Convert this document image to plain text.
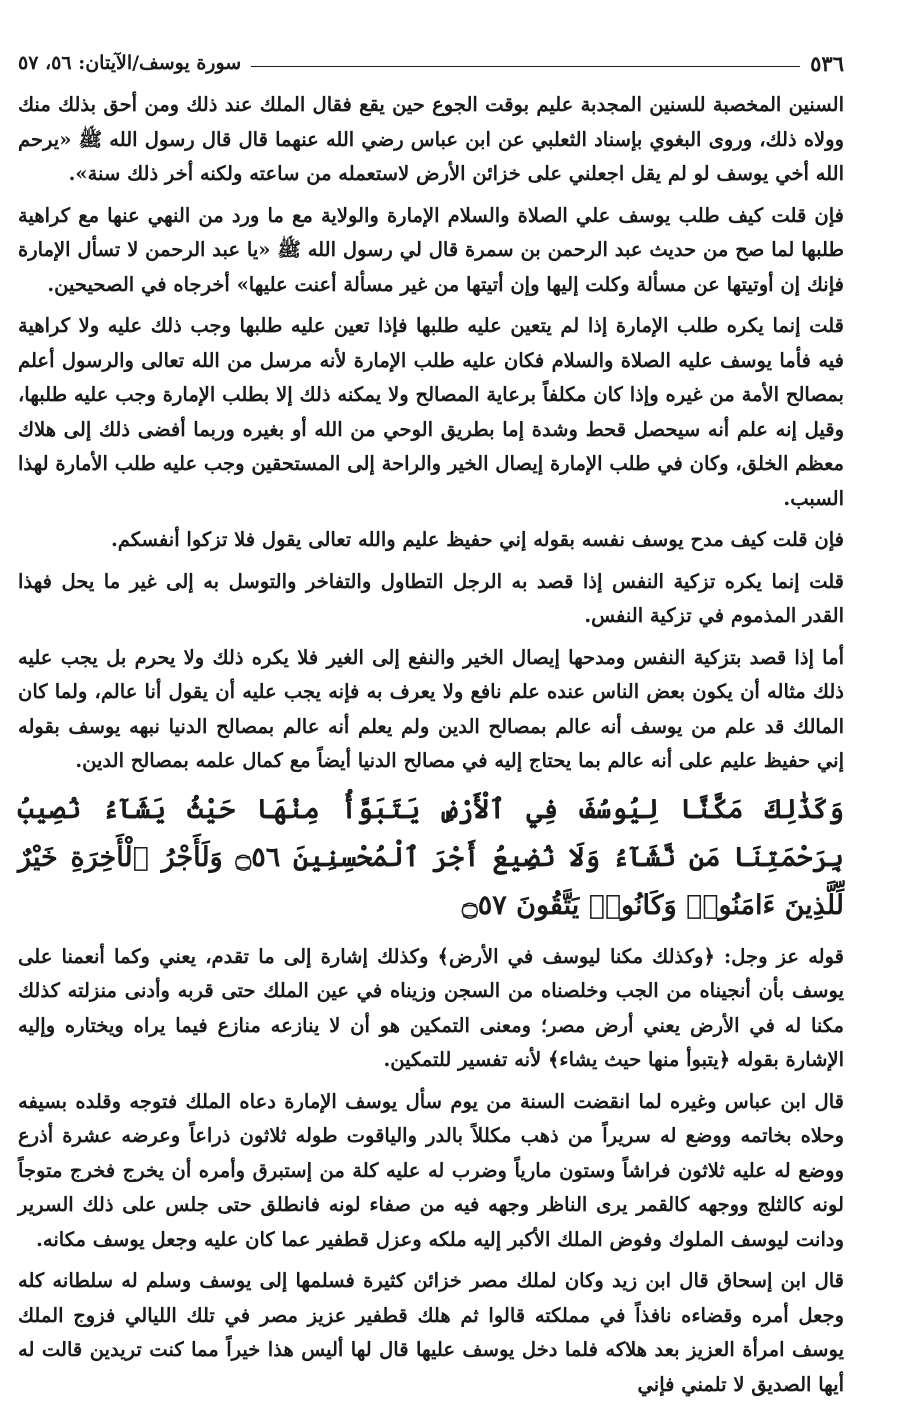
٥٣٦
سورة يوسف/الآيتان: ٥٦، ٥٧

السنين المخصبة للسنين المجدبة عليم بوقت الجوع حين يقع فقال الملك عند ذلك ومن أحق بذلك منك وولاه ذلك، وروى البغوي بإسناد الثعلبي عن ابن عباس رضي الله عنهما قال قال رسول الله ﷺ «يرحم الله أخي يوسف لو لم يقل اجعلني على خزائن الأرض لاستعمله من ساعته ولكنه أخر ذلك سنة».

فإن قلت كيف طلب يوسف علي الصلاة والسلام الإمارة والولاية مع ما ورد من النهي عنها مع كراهية طلبها لما صح من حديث عبد الرحمن بن سمرة قال لي رسول الله ﷺ «يا عبد الرحمن لا تسأل الإمارة فإنك إن أوتيتها عن مسألة وكلت إليها وإن أتيتها من غير مسألة أعنت عليها» أخرجاه في الصحيحين.

قلت إنما يكره طلب الإمارة إذا لم يتعين عليه طلبها فإذا تعين عليه طلبها وجب ذلك عليه ولا كراهية فيه فأما يوسف عليه الصلاة والسلام فكان عليه طلب الإمارة لأنه مرسل من الله تعالى والرسول أعلم بمصالح الأمة من غيره وإذا كان مكلفاً برعاية المصالح ولا يمكنه ذلك إلا بطلب الإمارة وجب عليه طلبها، وقيل إنه علم أنه سيحصل قحط وشدة إما بطريق الوحي من الله أو بغيره وربما أفضى ذلك إلى هلاك معظم الخلق، وكان في طلب الإمارة إيصال الخير والراحة إلى المستحقين وجب عليه طلب الأمارة لهذا السبب.

فإن قلت كيف مدح يوسف نفسه بقوله إني حفيظ عليم والله تعالى يقول فلا تزكوا أنفسكم.

قلت إنما يكره تزكية النفس إذا قصد به الرجل التطاول والتفاخر والتوسل به إلى غير ما يحل فهذا القدر المذموم في تزكية النفس.

أما إذا قصد بتزكية النفس ومدحها إيصال الخير والنفع إلى الغير فلا يكره ذلك ولا يحرم بل يجب عليه ذلك مثاله أن يكون بعض الناس عنده علم نافع ولا يعرف به فإنه يجب عليه أن يقول أنا عالم، ولما كان المالك قد علم من يوسف أنه عالم بمصالح الدين ولم يعلم أنه عالم بمصالح الدنيا نبهه يوسف بقوله إني حفيظ عليم على أنه عالم بما يحتاج إليه في مصالح الدنيا أيضاً مع كمال علمه بمصالح الدين.

وَكَذَٰلِكَ مَكَّنَّا لِيُوسُفَ فِي ٱلْأَرْضِ يَتَبَوَّأُ مِنْهَا حَيْثُ يَشَآءُ نُصِيبُ بِرَحْمَتِنَا مَن نَّشَآءُ وَلَا نُضِيعُ أَجْرَ ٱلْمُحْسِنِينَ ۝٥٦ وَلَأَجْرُ ٱلْأَخِرَةِ خَيْرٌ لِّلَّذِينَ ءَامَنُوا۟ وَكَانُوا۟ يَتَّقُونَ ۝٥٧

قوله عز وجل: ﴿وكذلك مكنا ليوسف في الأرض﴾ وكذلك إشارة إلى ما تقدم، يعني وكما أنعمنا على يوسف بأن أنجيناه من الجب وخلصناه من السجن وزيناه في عين الملك حتى قربه وأدنى منزلته كذلك مكنا له في الأرض يعني أرض مصر؛ ومعنى التمكين هو أن لا ينازعه منازع فيما يراه ويختاره وإليه الإشارة بقوله ﴿يتبوأ منها حيث يشاء﴾ لأنه تفسير للتمكين.

قال ابن عباس وغيره لما انقضت السنة من يوم سأل يوسف الإمارة دعاه الملك فتوجه وقلده بسيفه وحلاه بخاتمه ووضع له سريراً من ذهب مكللاً بالدر والياقوت طوله ثلاثون ذراعاً وعرضه عشرة أذرع ووضع له عليه ثلاثون فراشاً وستون مارياً وضرب له عليه كلة من إستبرق وأمره أن يخرج فخرج متوجاً لونه كالثلج ووجهه كالقمر يرى الناظر وجهه فيه من صفاء لونه فانطلق حتى جلس على ذلك السرير ودانت ليوسف الملوك وفوض الملك الأكبر إليه ملكه وعزل قطفير عما كان عليه وجعل يوسف مكانه.

قال ابن إسحاق قال ابن زيد وكان لملك مصر خزائن كثيرة فسلمها إلى يوسف وسلم له سلطانه كله وجعل أمره وقضاءه نافذاً في مملكته قالوا ثم هلك قطفير عزيز مصر في تلك الليالي فزوج الملك يوسف امرأة العزيز بعد هلاكه فلما دخل يوسف عليها قال لها أليس هذا خيراً مما كنت تريدين قالت له أيها الصديق لا تلمني فإني
